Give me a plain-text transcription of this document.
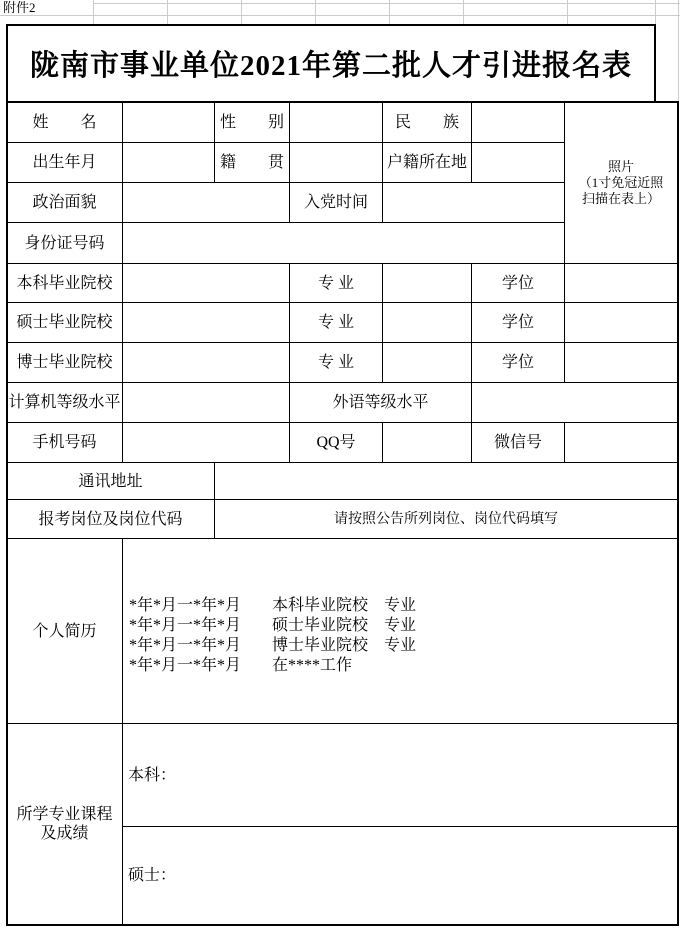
附件2
陇南市事业单位2021年第二批人才引进报名表
姓　　名	性　　别	民　　族
照片
（1寸免冠近照
扫描在表上）
出生年月	籍　　贯	户籍所在地
政治面貌	入党时间
身份证号码
本科毕业院校	专 业	学位
硕士毕业院校	专 业	学位
博士毕业院校	专 业	学位
计算机等级水平	外语等级水平
手机号码	QQ号	微信号
通讯地址
报考岗位及岗位代码	请按照公告所列岗位、岗位代码填写
个人简历
*年*月一*年*月	本科毕业院校　专业
*年*月一*年*月	硕士毕业院校　专业
*年*月一*年*月	博士毕业院校　专业
*年*月一*年*月	在****工作
所学专业课程
及成绩
本科：
硕士：
